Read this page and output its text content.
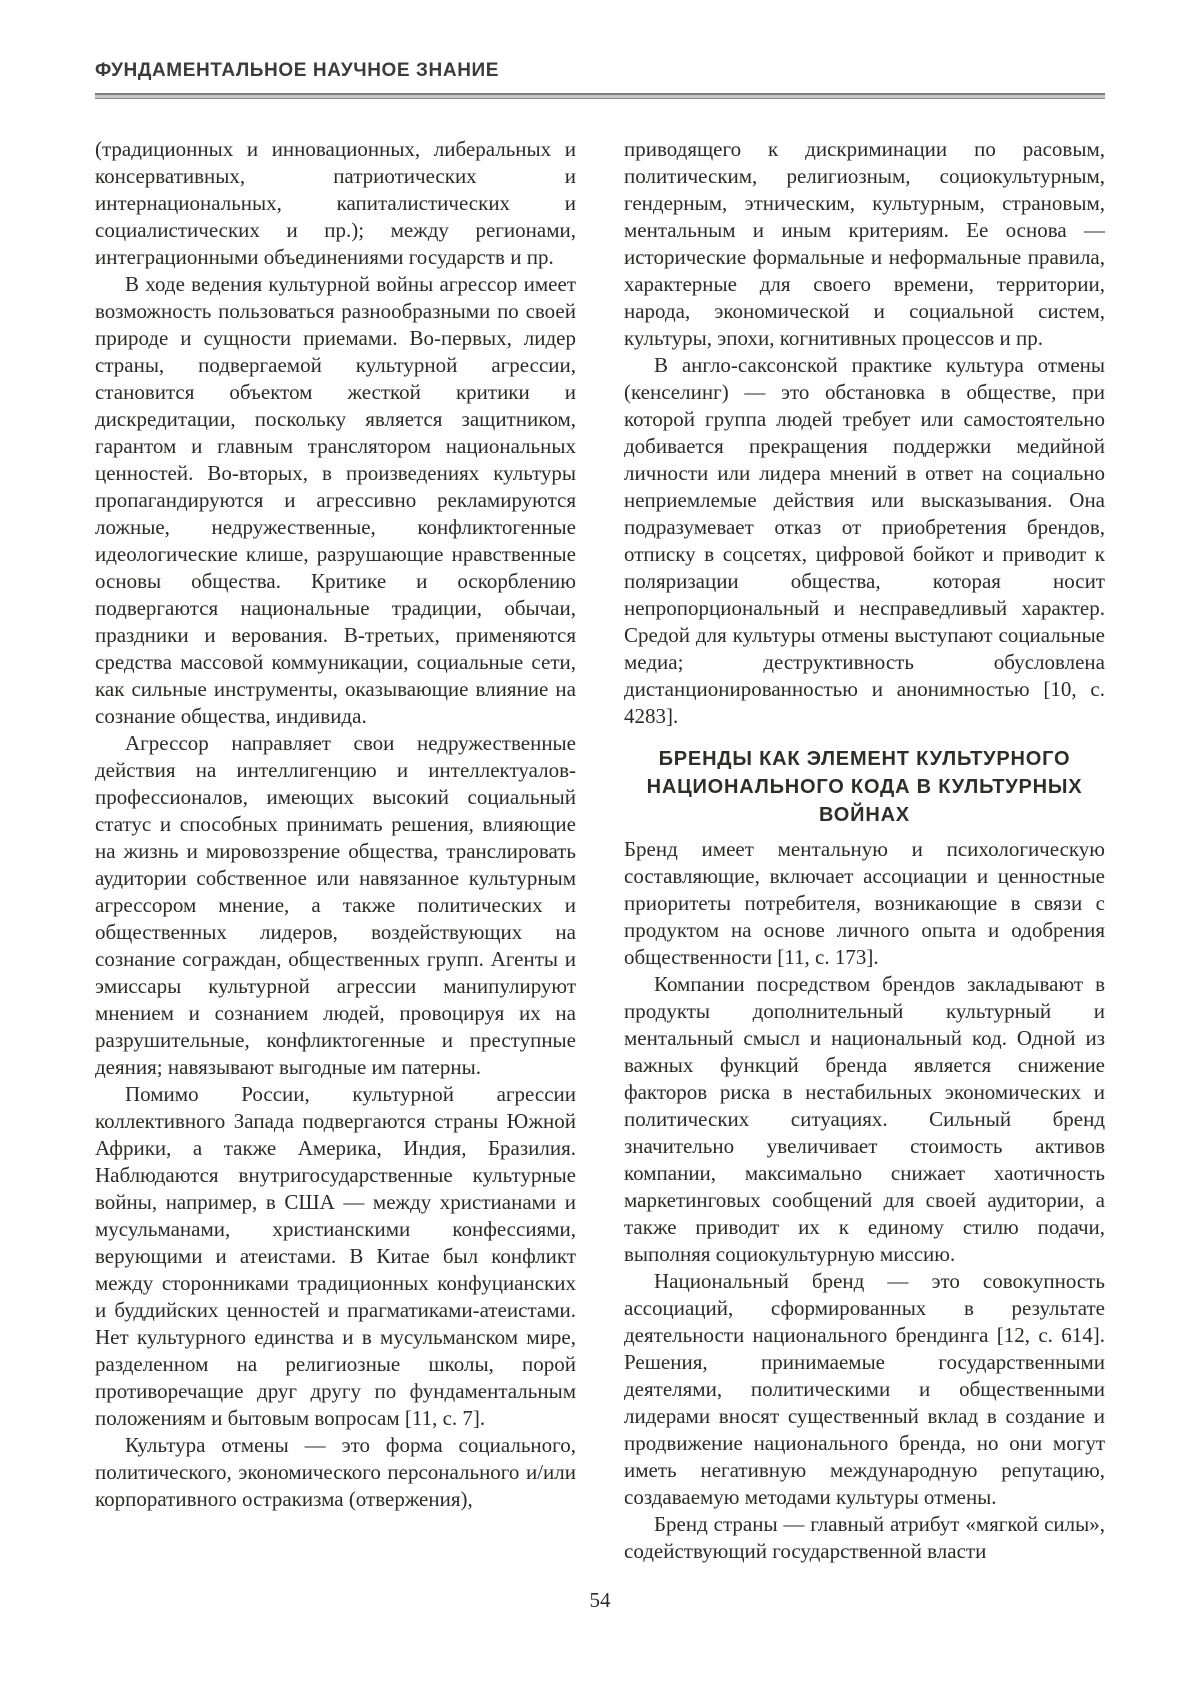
ФУНДАМЕНТАЛЬНОЕ НАУЧНОЕ ЗНАНИЕ

(традиционных и инновационных, либеральных и консервативных, патриотических и интернациональных, капиталистических и социалистических и пр.); между регионами, интеграционными объединениями государств и пр.

В ходе ведения культурной войны агрессор имеет возможность пользоваться разнообразными по своей природе и сущности приемами. Во-первых, лидер страны, подвергаемой культурной агрессии, становится объектом жесткой критики и дискредитации, поскольку является защитником, гарантом и главным транслятором национальных ценностей. Во-вторых, в произведениях культуры пропагандируются и агрессивно рекламируются ложные, недружественные, конфликтогенные идеологические клише, разрушающие нравственные основы общества. Критике и оскорблению подвергаются национальные традиции, обычаи, праздники и верования. В-третьих, применяются средства массовой коммуникации, социальные сети, как сильные инструменты, оказывающие влияние на сознание общества, индивида.

Агрессор направляет свои недружественные действия на интеллигенцию и интеллектуалов-профессионалов, имеющих высокий социальный статус и способных принимать решения, влияющие на жизнь и мировоззрение общества, транслировать аудитории собственное или навязанное культурным агрессором мнение, а также политических и общественных лидеров, воздействующих на сознание сограждан, общественных групп. Агенты и эмиссары культурной агрессии манипулируют мнением и сознанием людей, провоцируя их на разрушительные, конфликтогенные и преступные деяния; навязывают выгодные им патерны.

Помимо России, культурной агрессии коллективного Запада подвергаются страны Южной Африки, а также Америка, Индия, Бразилия. Наблюдаются внутригосударственные культурные войны, например, в США — между христианами и мусульманами, христианскими конфессиями, верующими и атеистами. В Китае был конфликт между сторонниками традиционных конфуцианских и буддийских ценностей и прагматиками-атеистами. Нет культурного единства и в мусульманском мире, разделенном на религиозные школы, порой противоречащие друг другу по фундаментальным положениям и бытовым вопросам [11, с. 7].

Культура отмены — это форма социального, политического, экономического персонального и/или корпоративного остракизма (отвержения),

приводящего к дискриминации по расовым, политическим, религиозным, социокультурным, гендерным, этническим, культурным, страновым, ментальным и иным критериям. Ее основа — исторические формальные и неформальные правила, характерные для своего времени, территории, народа, экономической и социальной систем, культуры, эпохи, когнитивных процессов и пр.

В англо-саксонской практике культура отмены (кенселинг) — это обстановка в обществе, при которой группа людей требует или самостоятельно добивается прекращения поддержки медийной личности или лидера мнений в ответ на социально неприемлемые действия или высказывания. Она подразумевает отказ от приобретения брендов, отписку в соцсетях, цифровой бойкот и приводит к поляризации общества, которая носит непропорциональный и несправедливый характер. Средой для культуры отмены выступают социальные медиа; деструктивность обусловлена дистанционированностью и анонимностью [10, с. 4283].

БРЕНДЫ КАК ЭЛЕМЕНТ КУЛЬТУРНОГО НАЦИОНАЛЬНОГО КОДА В КУЛЬТУРНЫХ ВОЙНАХ

Бренд имеет ментальную и психологическую составляющие, включает ассоциации и ценностные приоритеты потребителя, возникающие в связи с продуктом на основе личного опыта и одобрения общественности [11, с. 173].

Компании посредством брендов закладывают в продукты дополнительный культурный и ментальный смысл и национальный код. Одной из важных функций бренда является снижение факторов риска в нестабильных экономических и политических ситуациях. Сильный бренд значительно увеличивает стоимость активов компании, максимально снижает хаотичность маркетинговых сообщений для своей аудитории, а также приводит их к единому стилю подачи, выполняя социокультурную миссию.

Национальный бренд — это совокупность ассоциаций, сформированных в результате деятельности национального брендинга [12, с. 614]. Решения, принимаемые государственными деятелями, политическими и общественными лидерами вносят существенный вклад в создание и продвижение национального бренда, но они могут иметь негативную международную репутацию, создаваемую методами культуры отмены.

Бренд страны — главный атрибут «мягкой силы», содействующий государственной власти

54
